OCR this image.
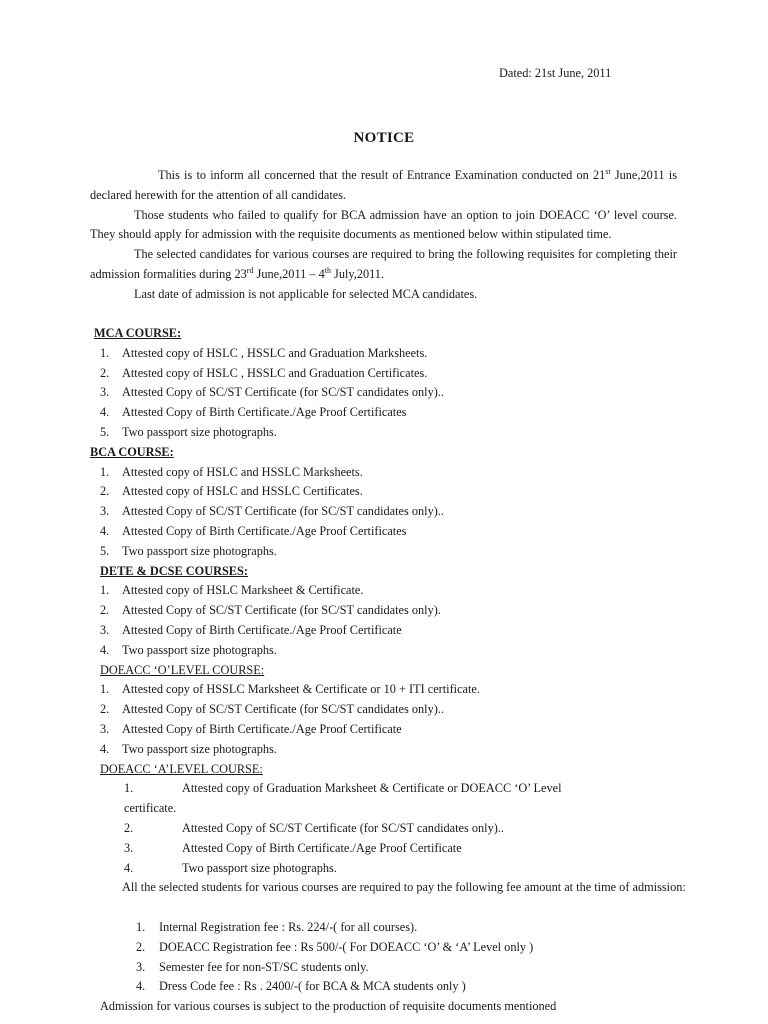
Dated: 21st June, 2011
NOTICE

This is to inform all concerned that the result of Entrance Examination conducted on 21st June,2011 is declared herewith for the attention of all candidates.

Those students who failed to qualify for BCA admission have an option to join DOEACC ‘O’ level course. They should apply for admission with the requisite documents as mentioned below within stipulated time.

The selected candidates for various courses are required to bring the following requisites for completing their admission formalities during 23rd June,2011 – 4th July,2011.

Last date of admission is not applicable for selected MCA candidates.

MCA COURSE:
1. Attested copy of HSLC , HSSLC and Graduation Marksheets.
2. Attested copy of HSLC , HSSLC and Graduation Certificates.
3. Attested Copy of SC/ST Certificate (for SC/ST candidates only)..
4. Attested Copy of Birth Certificate./Age Proof Certificates
5. Two passport size photographs.
BCA COURSE:
1. Attested copy of HSLC and HSSLC Marksheets.
2. Attested copy of HSLC and HSSLC Certificates.
3. Attested Copy of SC/ST Certificate (for SC/ST candidates only)..
4. Attested Copy of Birth Certificate./Age Proof Certificates
5. Two passport size photographs.
DETE & DCSE COURSES:
1. Attested copy of HSLC Marksheet & Certificate.
2. Attested Copy of SC/ST Certificate (for SC/ST candidates only).
3. Attested Copy of Birth Certificate./Age Proof Certificate
4. Two passport size photographs.
DOEACC ‘O’LEVEL COURSE:
1. Attested copy of HSSLC Marksheet & Certificate or 10 + ITI certificate.
2. Attested Copy of SC/ST Certificate (for SC/ST candidates only)..
3. Attested Copy of Birth Certificate./Age Proof Certificate
4. Two passport size photographs.
DOEACC ‘A’LEVEL COURSE:
1.	Attested copy of Graduation Marksheet & Certificate or DOEACC ‘O’ Level
certificate.
2.	Attested Copy of SC/ST Certificate (for SC/ST candidates only)..
3.	Attested Copy of Birth Certificate./Age Proof Certificate
4.	Two passport size photographs.
All the selected students for various courses are required to pay the following fee amount at the time of admission:
1. Internal Registration fee : Rs. 224/-( for all courses).
2. DOEACC Registration fee : Rs 500/-( For DOEACC ‘O’ & ‘A’ Level only )
3. Semester fee for non-ST/SC students only.
4. Dress Code fee : Rs . 2400/-( for BCA & MCA students only )
Admission for various courses is subject to the production of requisite documents mentioned
